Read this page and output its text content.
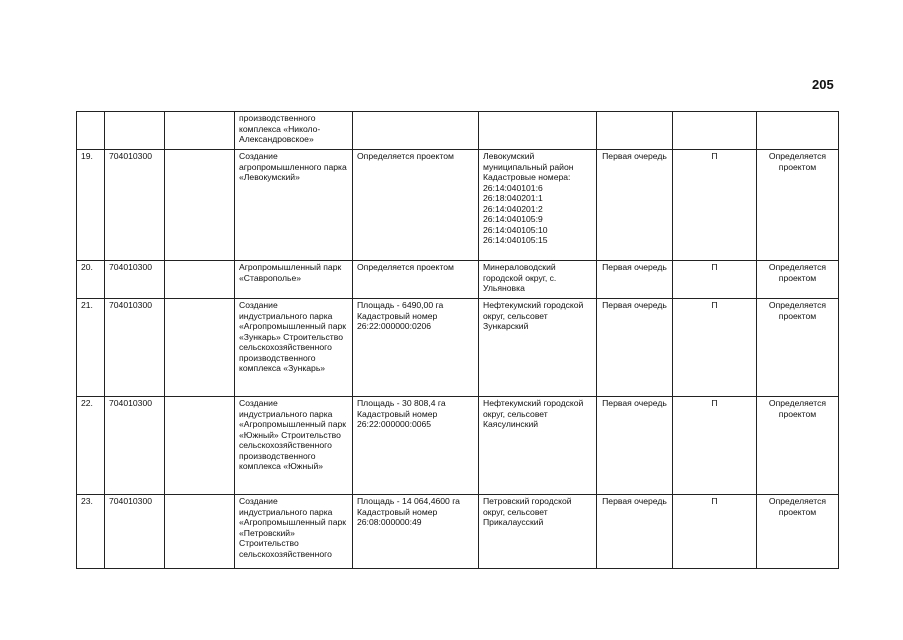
205
			производственного комплекса «Николо-Александровское»					
19.	704010300		Создание агропромышленного парка «Левокумский»	Определяется проектом	Левокумский муниципальный район Кадастровые номера: 26:14:040101:6 26:18:040201:1 26:14:040201:2 26:14:040105:9 26:14:040105:10 26:14:040105:15	Первая очередь	П	Определяется проектом
20.	704010300		Агропромышленный парк «Ставрополье»	Определяется проектом	Минераловодский городской округ, с. Ульяновка	Первая очередь	П	Определяется проектом
21.	704010300		Создание индустриального парка «Агропромышленный парк «Зункарь» Строительство сельскохозяйственного производственного комплекса «Зункарь»	Площадь - 6490,00 га Кадастровый номер 26:22:000000:0206	Нефтекумский городской округ, сельсовет Зункарский	Первая очередь	П	Определяется проектом
22.	704010300		Создание индустриального парка «Агропромышленный парк «Южный» Строительство сельскохозяйственного производственного комплекса «Южный»	Площадь - 30 808,4 га Кадастровый номер 26:22:000000:0065	Нефтекумский городской округ, сельсовет Каясулинский	Первая очередь	П	Определяется проектом
23.	704010300		Создание индустриального парка «Агропромышленный парк «Петровский» Строительство сельскохозяйственного	Площадь - 14 064,4600 га Кадастровый номер 26:08:000000:49	Петровский городской округ, сельсовет Прикалаусский	Первая очередь	П	Определяется проектом
